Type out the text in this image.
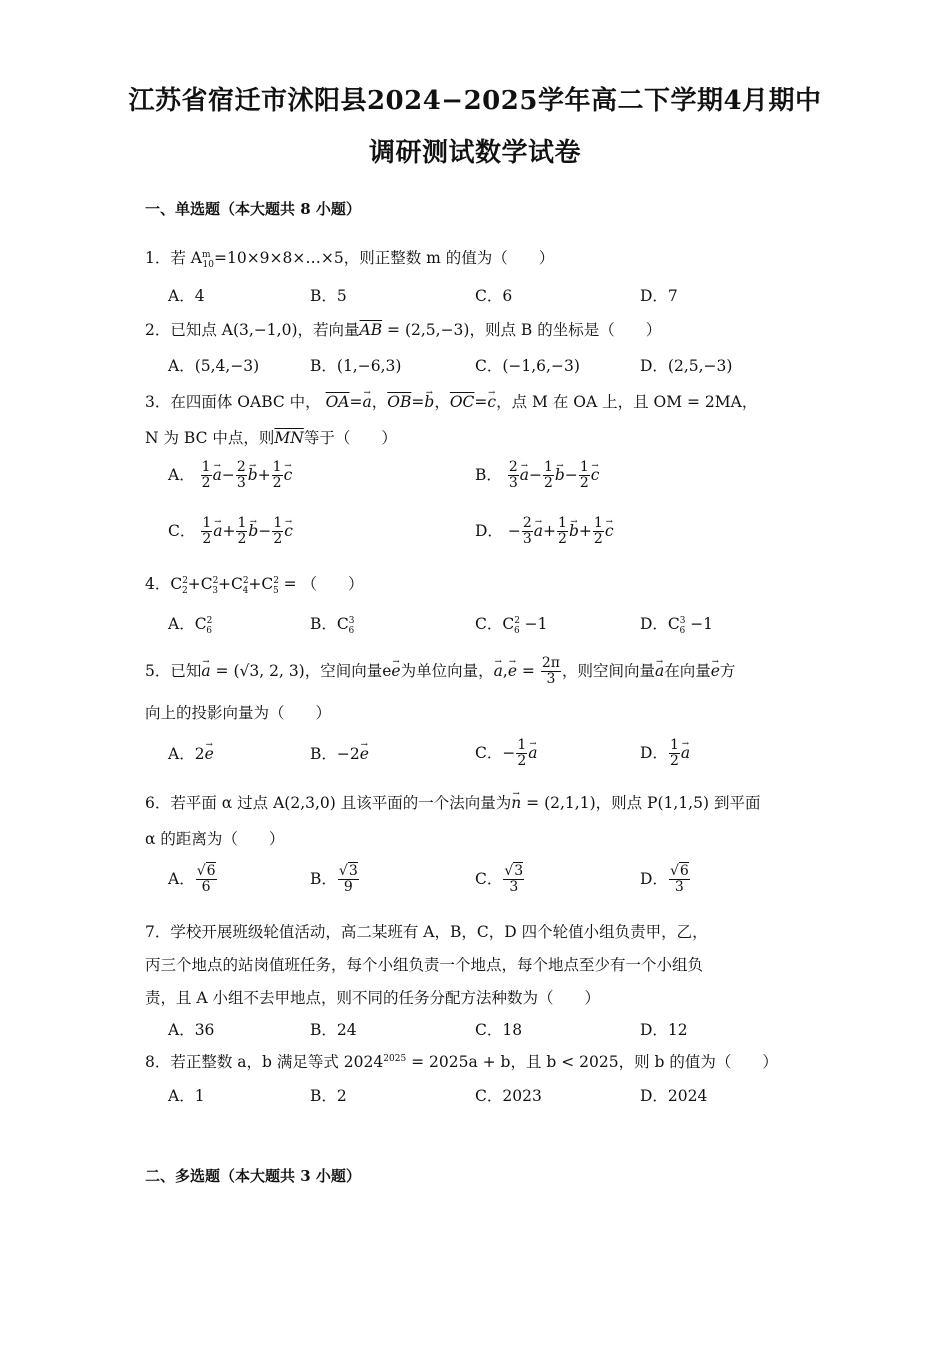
江苏省宿迁市沭阳县2024−2025学年高二下学期4月期中
调研测试数学试卷
一、单选题（本大题共 8 小题）
1．若 $A^m_{10}=10\times 9\times 8\times\dots\times 5$，则正整数 m 的值为（　　）
A．4	B．5	C．6	D．7
2．已知点 A(3,−1,0)，若向量$\overline{AB} = (2,5,-3)$，则点 B 的坐标是（　　）
A．(5,4,−3)	B．(1,−6,3)	C．(−1,6,−3)	D．(2,5,−3)
3．在四面体 OABC 中， $\overline{OA}=\to a$，$\overline{OB}=\to b$，$\overline{OC}=\to c$，点 M 在 OA 上，且 OM = 2MA，
N 为 BC 中点，则$\overline{MN}$等于（　　）
A． $\frac{1}{2} \to a- \frac{2}{3} \to b+ \frac{1}{2} \to c$	B． $\frac{2}{3} \to a- \frac{1}{2} \to b- \frac{1}{2} \to c$
C． $\frac{1}{2} \to a+ \frac{1}{2} \to b- \frac{1}{2} \to c$	D． − $\frac{2}{3} \to a+ \frac{1}{2} \to b+ \frac{1}{2} \to c$
4．$C^2_2+C^2_3+C^2_4+C^2_5$ = （　　）
A．$C^2_6$	B．$C^3_6$	C．$C^2_6 -1$	D．$C^3_6 -1$
5．已知→ a = (√3, 2, 3)，空间向量e→ e为单位向量，→ $a,\to e = \frac{2\pi}{3}$ ，则空间向量→ a在向量→ e方
向上的投影向量为（　　）
A．2→ e	B．−2→ e	C．− $\frac{1}{2} \to a$	D． $\frac{1}{2} \to a$
6．若平面 α 过点 A(2,3,0) 且该平面的一个法向量为→ n = (2,1,1)，则点 P(1,1,5) 到平面
α 的距离为（　　）
A． $\frac{√6}{6}$	B． $\frac{√3}{9}$	C． $\frac{√3}{3}$	D． $\frac{√6}{3}$
7．学校开展班级轮值活动，高二某班有 A，B，C，D 四个轮值小组负责甲，乙，
丙三个地点的站岗值班任务，每个小组负责一个地点，每个地点至少有一个小组负
责，且 A 小组不去甲地点，则不同的任务分配方法种数为（　　）
A．36	B．24	C．18	D．12
8．若正整数 a，b 满足等式 $2024^{2025} = 2025a + b$，且 b < 2025，则 b 的值为（　　）
A．1	B．2	C．2023	D．2024
二、多选题（本大题共 3 小题）
